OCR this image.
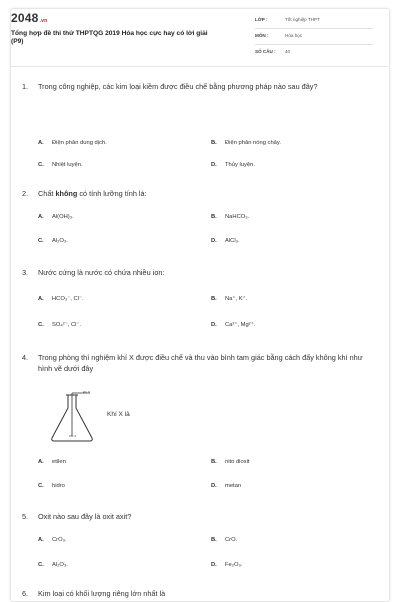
2048.vn
Tổng hợp đề thi thử THPTQG 2019 Hóa học cực hay có lời giải (P9)
LỚP :	Tốt nghiệp THPT
MÔN :	Hóa học
SỐ CÂU : 40
1. Trong công nghiệp, các kim loại kiềm được điều chế bằng phương pháp nào sau đây?
A. Điện phân dung dịch.	B. Điện phân nóng chảy.
C. Nhiệt luyện.	D. Thủy luyện.
2. Chất không có tính lưỡng tính là:
A. Al(OH)₃.	B. NaHCO₃.
C. Al₂O₃.	D. AlCl₃.
3. Nước cứng là nước có chứa nhiều ion:
A. HCO₃⁻, Cl⁻.	B. Na⁺, K⁺.
C. SO₄²⁻, Cl⁻.	D. Ca²⁺, Mg²⁺.
4. Trong phòng thí nghiệm khí X được điều chế và thu vào bình tam giác bằng cách đẩy không khí như hình vẽ dưới đây
khí X
Khí X
Khí X là
A. etilen	B. nito dioxit
C. hidro	D. metan
5. Oxit nào sau đây là oxit axit?
A. CrO₃.	B. CrO.
C. Al₂O₃.	D. Fe₂O₃.
6. Kim loại có khối lượng riêng lớn nhất là
